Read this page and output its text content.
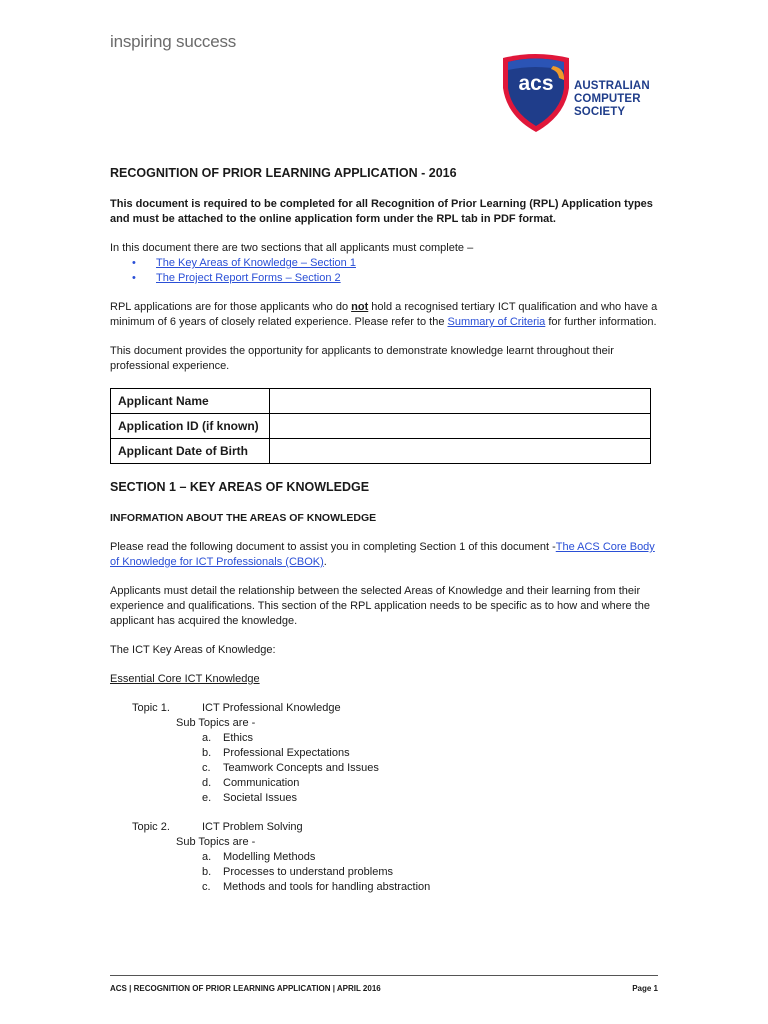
inspiring success
acs AUSTRALIAN
COMPUTER
SOCIETY
RECOGNITION OF PRIOR LEARNING APPLICATION - 2016

This document is required to be completed for all Recognition of Prior Learning (RPL) Application types and must be attached to the online application form under the RPL tab in PDF format.

In this document there are two sections that all applicants must complete –

• The Key Areas of Knowledge – Section 1
• The Project Report Forms – Section 2

RPL applications are for those applicants who do not hold a recognised tertiary ICT qualification and who have a minimum of 6 years of closely related experience. Please refer to the Summary of Criteria for further information.

This document provides the opportunity for applicants to demonstrate knowledge learnt throughout their professional experience.

Applicant Name	
Application ID (if known)	
Applicant Date of Birth	
SECTION 1 – KEY AREAS OF KNOWLEDGE
INFORMATION ABOUT THE AREAS OF KNOWLEDGE

Please read the following document to assist you in completing Section 1 of this document -The ACS Core Body of Knowledge for ICT Professionals (CBOK).

Applicants must detail the relationship between the selected Areas of Knowledge and their learning from their experience and qualifications. This section of the RPL application needs to be specific as to how and where the applicant has acquired the knowledge.

The ICT Key Areas of Knowledge:

Essential Core ICT Knowledge

Topic 1.	ICT Professional Knowledge
Sub Topics are -
a.	Ethics
b.	Professional Expectations
c.	Teamwork Concepts and Issues
d.	Communication
e.	Societal Issues
Topic 2.	ICT Problem Solving
Sub Topics are -
a.	Modelling Methods
b.	Processes to understand problems
c.	Methods and tools for handling abstraction
ACS | RECOGNITION OF PRIOR LEARNING APPLICATION | APRIL 2016	Page 1
